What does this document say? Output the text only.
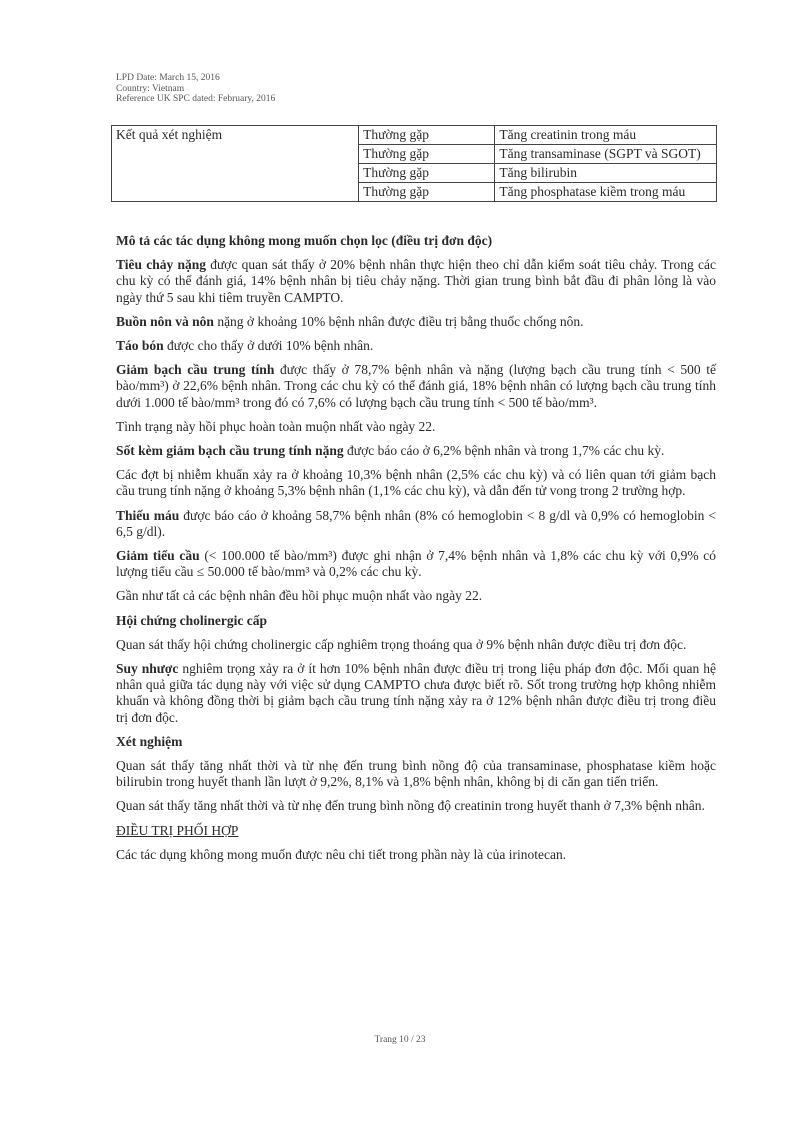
LPD Date: March 15, 2016
Country: Vietnam
Reference UK SPC dated: February, 2016
Kết quả xét nghiệm	Thường gặp	Tăng creatinin trong máu
	Thường gặp	Tăng transaminase (SGPT và SGOT)
	Thường gặp	Tăng bilirubin
	Thường gặp	Tăng phosphatase kiềm trong máu
Mô tả các tác dụng không mong muốn chọn lọc (điều trị đơn độc)

Tiêu chảy nặng được quan sát thấy ở 20% bệnh nhân thực hiện theo chỉ dẫn kiểm soát tiêu chảy. Trong các chu kỳ có thể đánh giá, 14% bệnh nhân bị tiêu chảy nặng. Thời gian trung bình bắt đầu đi phân lỏng là vào ngày thứ 5 sau khi tiêm truyền CAMPTO.

Buồn nôn và nôn nặng ở khoảng 10% bệnh nhân được điều trị bằng thuốc chống nôn.

Táo bón được cho thấy ở dưới 10% bệnh nhân.

Giảm bạch cầu trung tính được thấy ở 78,7% bệnh nhân và nặng (lượng bạch cầu trung tính < 500 tế bào/mm³) ở 22,6% bệnh nhân. Trong các chu kỳ có thể đánh giá, 18% bệnh nhân có lượng bạch cầu trung tính dưới 1.000 tế bào/mm³ trong đó có 7,6% có lượng bạch cầu trung tính < 500 tế bào/mm³.

Tình trạng này hồi phục hoàn toàn muộn nhất vào ngày 22.

Sốt kèm giảm bạch cầu trung tính nặng được báo cáo ở 6,2% bệnh nhân và trong 1,7% các chu kỳ.

Các đợt bị nhiễm khuẩn xảy ra ở khoảng 10,3% bệnh nhân (2,5% các chu kỳ) và có liên quan tới giảm bạch cầu trung tính nặng ở khoảng 5,3% bệnh nhân (1,1% các chu kỳ), và dẫn đến tử vong trong 2 trường hợp.

Thiếu máu được báo cáo ở khoảng 58,7% bệnh nhân (8% có hemoglobin < 8 g/dl và 0,9% có hemoglobin < 6,5 g/dl).

Giảm tiểu cầu (< 100.000 tế bào/mm³) được ghi nhận ở 7,4% bệnh nhân và 1,8% các chu kỳ với 0,9% có lượng tiểu cầu ≤ 50.000 tế bào/mm³ và 0,2% các chu kỳ.

Gần như tất cả các bệnh nhân đều hồi phục muộn nhất vào ngày 22.

Hội chứng cholinergic cấp

Quan sát thấy hội chứng cholinergic cấp nghiêm trọng thoáng qua ở 9% bệnh nhân được điều trị đơn độc.

Suy nhược nghiêm trọng xảy ra ở ít hơn 10% bệnh nhân được điều trị trong liệu pháp đơn độc. Mối quan hệ nhân quả giữa tác dụng này với việc sử dụng CAMPTO chưa được biết rõ. Sốt trong trường hợp không nhiễm khuẩn và không đồng thời bị giảm bạch cầu trung tính nặng xảy ra ở 12% bệnh nhân được điều trị trong điều trị đơn độc.

Xét nghiệm

Quan sát thấy tăng nhất thời và từ nhẹ đến trung bình nồng độ của transaminase, phosphatase kiềm hoặc bilirubin trong huyết thanh lần lượt ở 9,2%, 8,1% và 1,8% bệnh nhân, không bị di căn gan tiến triển.

Quan sát thấy tăng nhất thời và từ nhẹ đến trung bình nồng độ creatinin trong huyết thanh ở 7,3% bệnh nhân.

ĐIỀU TRỊ PHỐI HỢP

Các tác dụng không mong muốn được nêu chi tiết trong phần này là của irinotecan.

Trang 10 / 23
